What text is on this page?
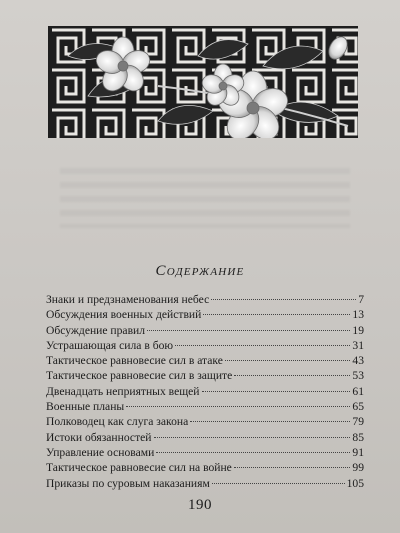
Содержание
Знаки и предзнаменования небес	7
Обсуждения военных действий	13
Обсуждение правил	19
Устрашающая сила в бою	31
Тактическое равновесие сил в атаке	43
Тактическое равновесие сил в защите	53
Двенадцать неприятных вещей	61
Военные планы	65
Полководец как слуга закона	79
Истоки обязанностей	85
Управление основами	91
Тактическое равновесие сил на войне	99
Приказы по суровым наказаниям	105
190
